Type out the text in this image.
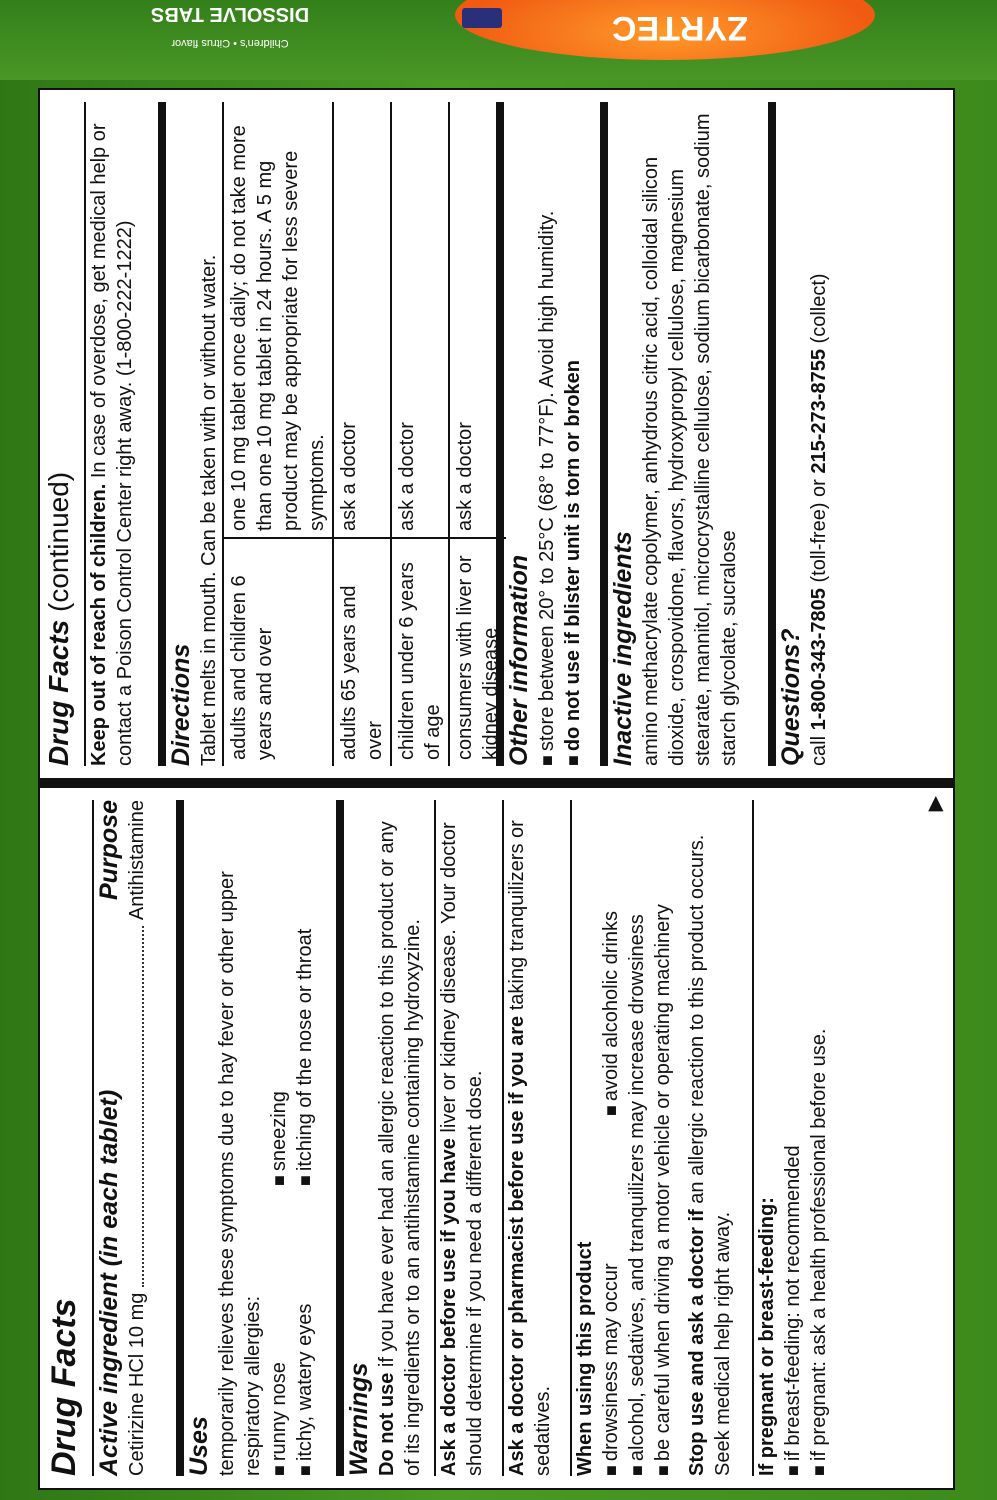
ZYRTEC
Children's • Citrus flavor
DISSOLVE TABS
Drug Facts Active ingredient (in each tablet)
Purpose
Cetirizine HCl 10 mg
Antihistamine
Uses temporarily relieves these symptoms due to hay fever or other upper respiratory allergies: ■ runny nose
■ sneezing
■ itchy, watery eyes
■ itching of the nose or throat
Warnings Do not use if you have ever had an allergic reaction to this product or any of its ingredients or to an antihistamine containing hydroxyzine. Ask a doctor before use if you have liver or kidney disease. Your doctor should determine if you need a different dose. Ask a doctor or pharmacist before use if you are taking tranquilizers or sedatives. When using this product ■ drowsiness may occur
■ avoid alcoholic drinks ■ alcohol, sedatives, and tranquilizers may increase drowsiness ■ be careful when driving a motor vehicle or operating machinery Stop use and ask a doctor if an allergic reaction to this product occurs. Seek medical help right away. If pregnant or breast-feeding: ■ if breast-feeding: not recommended ■ if pregnant: ask a health professional before use.
▶
Drug Facts (continued) Keep out of reach of children. In case of overdose, get medical help or contact a Poison Control Center right away. (1-800-222-1222) Directions Tablet melts in mouth. Can be taken with or without water. adults and children 6 years and over	one 10 mg tablet once daily; do not take more than one 10 mg tablet in 24 hours. A 5 mg product may be appropriate for less severe symptoms.
adults 65 years and over	ask a doctor
children under 6 years of age	ask a doctor
consumers with liver or kidney disease	ask a doctor
Other information ■ store between 20° to 25°C (68° to 77°F). Avoid high humidity. ■ do not use if blister unit is torn or broken Inactive ingredients amino methacrylate copolymer, anhydrous citric acid, colloidal silicon dioxide, crospovidone, flavors, hydroxypropyl cellulose, magnesium stearate, mannitol, microcrystalline cellulose, sodium bicarbonate, sodium starch glycolate, sucralose Questions? call 1-800-343-7805 (toll-free) or 215-273-8755 (collect)
